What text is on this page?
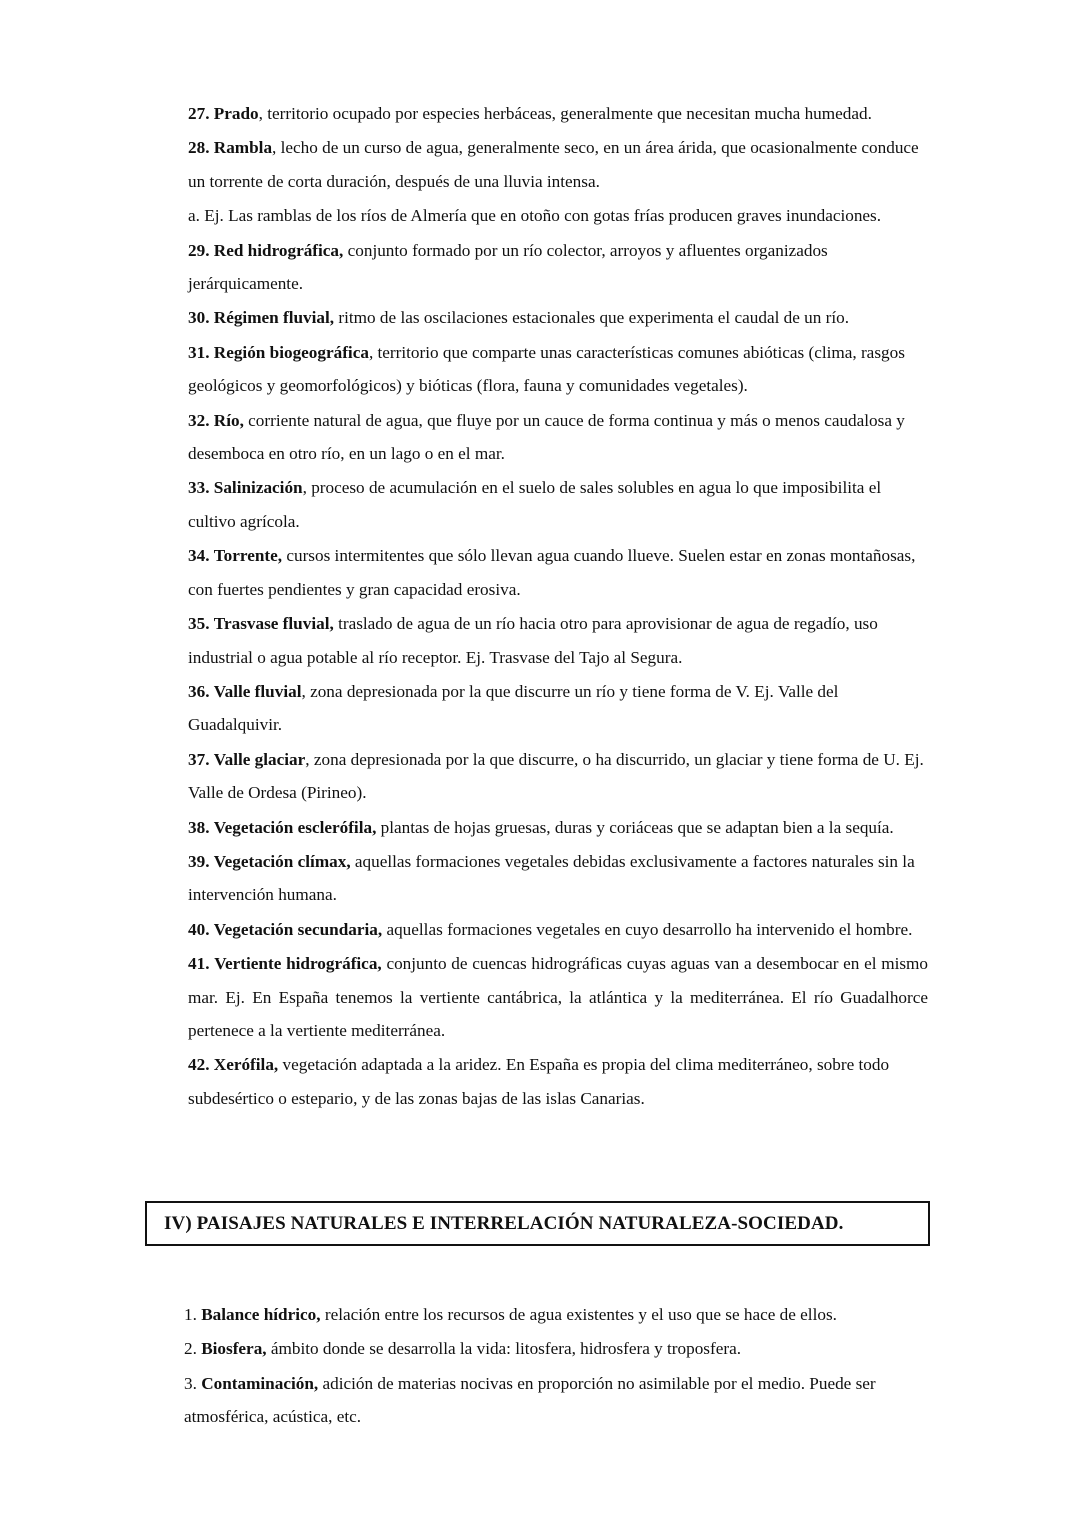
27. Prado, territorio ocupado por especies herbáceas, generalmente que necesitan mucha humedad.

28. Rambla, lecho de un curso de agua, generalmente seco, en un área árida, que ocasionalmente conduce un torrente de corta duración, después de una lluvia intensa.

a. Ej. Las ramblas de los ríos de Almería que en otoño con gotas frías producen graves inundaciones.

29. Red hidrográfica, conjunto formado por un río colector, arroyos y afluentes organizados jerárquicamente.

30. Régimen fluvial, ritmo de las oscilaciones estacionales que experimenta el caudal de un río.

31. Región biogeográfica, territorio que comparte unas características comunes abióticas (clima, rasgos geológicos y geomorfológicos) y bióticas (flora, fauna y comunidades vegetales).

32. Río, corriente natural de agua, que fluye por un cauce de forma continua y más o menos caudalosa y desemboca en otro río, en un lago o en el mar.

33. Salinización, proceso de acumulación en el suelo de sales solubles en agua lo que imposibilita el cultivo agrícola.

34. Torrente, cursos intermitentes que sólo llevan agua cuando llueve. Suelen estar en zonas montañosas, con fuertes pendientes y gran capacidad erosiva.

35. Trasvase fluvial, traslado de agua de un río hacia otro para aprovisionar de agua de regadío, uso industrial o agua potable al río receptor. Ej. Trasvase del Tajo al Segura.

36. Valle fluvial, zona depresionada por la que discurre un río y tiene forma de V. Ej. Valle del Guadalquivir.

37. Valle glaciar, zona depresionada por la que discurre, o ha discurrido, un glaciar y tiene forma de U. Ej. Valle de Ordesa (Pirineo).

38. Vegetación esclerófila, plantas de hojas gruesas, duras y coriáceas que se adaptan bien a la sequía.

39. Vegetación clímax, aquellas formaciones vegetales debidas exclusivamente a factores naturales sin la intervención humana.

40. Vegetación secundaria, aquellas formaciones vegetales en cuyo desarrollo ha intervenido el hombre.

41. Vertiente hidrográfica, conjunto de cuencas hidrográficas cuyas aguas van a desembocar en el mismo mar. Ej. En España tenemos la vertiente cantábrica, la atlántica y la mediterránea. El río Guadalhorce pertenece a la vertiente mediterránea.

42. Xerófila, vegetación adaptada a la aridez. En España es propia del clima mediterráneo, sobre todo subdesértico o estepario, y de las zonas bajas de las islas Canarias.

IV) PAISAJES NATURALES E INTERRELACIÓN NATURALEZA-SOCIEDAD.

1. Balance hídrico, relación entre los recursos de agua existentes y el uso que se hace de ellos.

2. Biosfera, ámbito donde se desarrolla la vida: litosfera, hidrosfera y troposfera.

3. Contaminación, adición de materias nocivas en proporción no asimilable por el medio. Puede ser atmosférica, acústica, etc.
